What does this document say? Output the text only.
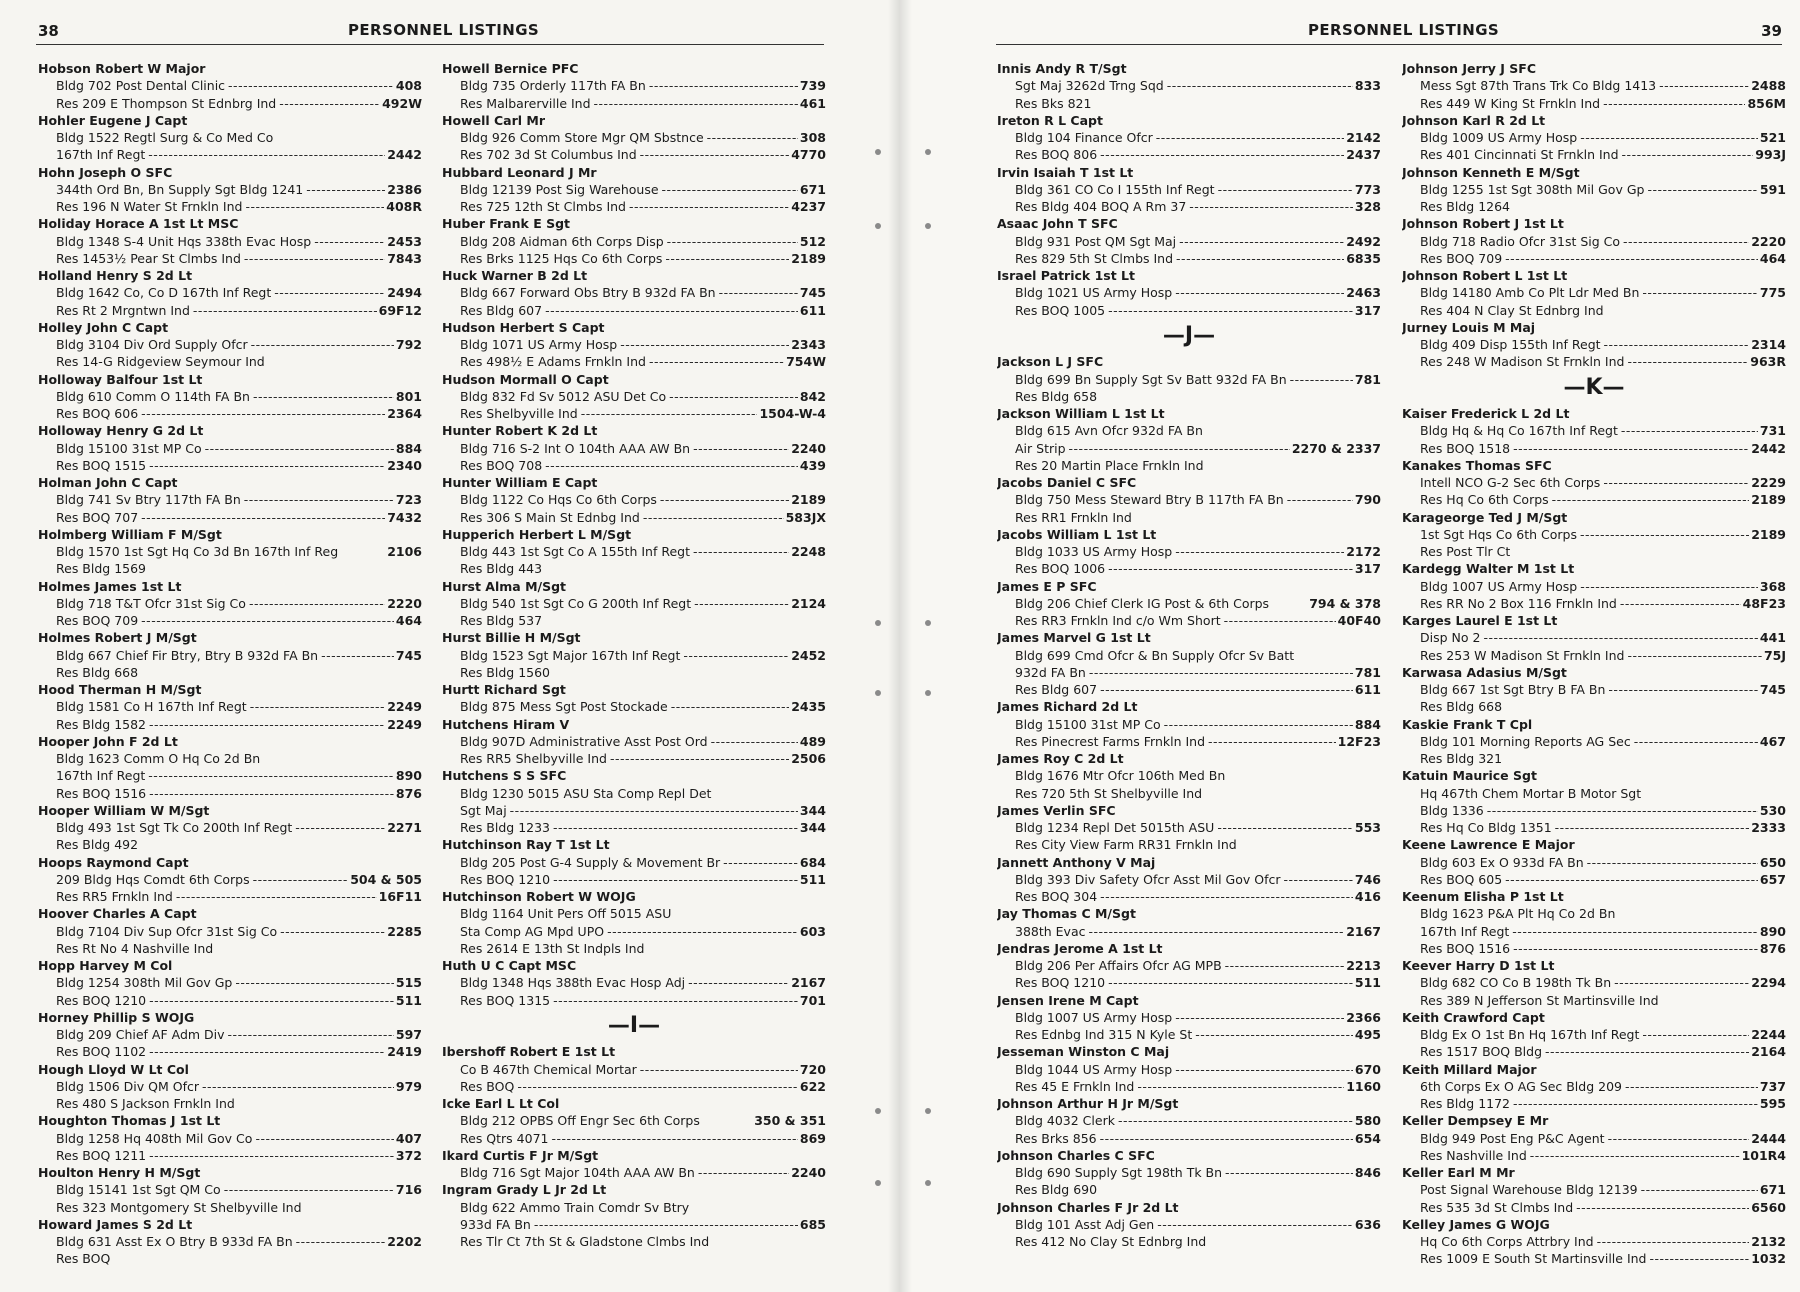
38	PERSONNEL LISTINGS
Hobson Robert W Major
Bldg 702 Post Dental Clinic -----	408
Res 209 E Thompson St Ednbrg Ind -----	492W
Hohler Eugene J Capt
Bldg 1522 Regtl Surg & Co Med Co
167th Inf Regt -----	2442
Hohn Joseph O SFC
344th Ord Bn, Bn Supply Sgt Bldg 1241 -----	2386
Res 196 N Water St Frnkln Ind -----	408R
Holiday Horace A 1st Lt MSC
Bldg 1348 S-4 Unit Hqs 338th Evac Hosp -----	2453
Res 1453½ Pear St Clmbs Ind -----	7843
Holland Henry S 2d Lt
Bldg 1642 Co, Co D 167th Inf Regt -----	2494
Res Rt 2 Mrgntwn Ind -----	69F12
Holley John C Capt
Bldg 3104 Div Ord Supply Ofcr -----	792
Res 14-G Ridgeview Seymour Ind
Holloway Balfour 1st Lt
Bldg 610 Comm O 114th FA Bn -----	801
Res BOQ 606 -----	2364
Holloway Henry G 2d Lt
Bldg 15100 31st MP Co -----	884
Res BOQ 1515 -----	2340
Holman John C Capt
Bldg 741 Sv Btry 117th FA Bn -----	723
Res BOQ 707 -----	7432
Holmberg William F M/Sgt
Bldg 1570 1st Sgt Hq Co 3d Bn 167th Inf Reg	2106
Res Bldg 1569
Holmes James 1st Lt
Bldg 718 T&T Ofcr 31st Sig Co -----	2220
Res BOQ 709 -----	464
Holmes Robert J M/Sgt
Bldg 667 Chief Fir Btry, Btry B 932d FA Bn -----	745
Res Bldg 668
Hood Therman H M/Sgt
Bldg 1581 Co H 167th Inf Regt -----	2249
Res Bldg 1582 -----	2249
Hooper John F 2d Lt
Bldg 1623 Comm O Hq Co 2d Bn
167th Inf Regt -----	890
Res BOQ 1516 -----	876
Hooper William W M/Sgt
Bldg 493 1st Sgt Tk Co 200th Inf Regt -----	2271
Res Bldg 492
Hoops Raymond Capt
209 Bldg Hqs Comdt 6th Corps -----	504 & 505
Res RR5 Frnkln Ind -----	16F11
Hoover Charles A Capt
Bldg 7104 Div Sup Ofcr 31st Sig Co -----	2285
Res Rt No 4 Nashville Ind
Hopp Harvey M Col
Bldg 1254 308th Mil Gov Gp -----	515
Res BOQ 1210 -----	511
Horney Phillip S WOJG
Bldg 209 Chief AF Adm Div -----	597
Res BOQ 1102 -----	2419
Hough Lloyd W Lt Col
Bldg 1506 Div QM Ofcr -----	979
Res 480 S Jackson Frnkln Ind
Houghton Thomas J 1st Lt
Bldg 1258 Hq 408th Mil Gov Co -----	407
Res BOQ 1211 -----	372
Houlton Henry H M/Sgt
Bldg 15141 1st Sgt QM Co -----	716
Res 323 Montgomery St Shelbyville Ind
Howard James S 2d Lt
Bldg 631 Asst Ex O Btry B 933d FA Bn -----	2202
Res BOQ
Howell Bernice PFC
Bldg 735 Orderly 117th FA Bn -----	739
Res Malbarerville Ind -----	461
Howell Carl Mr
Bldg 926 Comm Store Mgr QM Sbstnce -----	308
Res 702 3d St Columbus Ind -----	4770
Hubbard Leonard J Mr
Bldg 12139 Post Sig Warehouse -----	671
Res 725 12th St Clmbs Ind -----	4237
Huber Frank E Sgt
Bldg 208 Aidman 6th Corps Disp -----	512
Res Brks 1125 Hqs Co 6th Corps -----	2189
Huck Warner B 2d Lt
Bldg 667 Forward Obs Btry B 932d FA Bn -----	745
Res Bldg 607 -----	611
Hudson Herbert S Capt
Bldg 1071 US Army Hosp -----	2343
Res 498½ E Adams Frnkln Ind -----	754W
Hudson Mormall O Capt
Bldg 832 Fd Sv 5012 ASU Det Co -----	842
Res Shelbyville Ind -----	1504-W-4
Hunter Robert K 2d Lt
Bldg 716 S-2 Int O 104th AAA AW Bn -----	2240
Res BOQ 708 -----	439
Hunter William E Capt
Bldg 1122 Co Hqs Co 6th Corps -----	2189
Res 306 S Main St Ednbg Ind -----	583JX
Hupperich Herbert L M/Sgt
Bldg 443 1st Sgt Co A 155th Inf Regt -----	2248
Res Bldg 443
Hurst Alma M/Sgt
Bldg 540 1st Sgt Co G 200th Inf Regt -----	2124
Res Bldg 537
Hurst Billie H M/Sgt
Bldg 1523 Sgt Major 167th Inf Regt -----	2452
Res Bldg 1560
Hurtt Richard Sgt
Bldg 875 Mess Sgt Post Stockade -----	2435
Hutchens Hiram V
Bldg 907D Administrative Asst Post Ord -----	489
Res RR5 Shelbyville Ind -----	2506
Hutchens S S SFC
Bldg 1230 5015 ASU Sta Comp Repl Det
Sgt Maj -----	344
Res Bldg 1233 -----	344
Hutchinson Ray T 1st Lt
Bldg 205 Post G-4 Supply & Movement Br -----	684
Res BOQ 1210 -----	511
Hutchinson Robert W WOJG
Bldg 1164 Unit Pers Off 5015 ASU
Sta Comp AG Mpd UPO -----	603
Res 2614 E 13th St Indpls Ind
Huth U C Capt MSC
Bldg 1348 Hqs 388th Evac Hosp Adj -----	2167
Res BOQ 1315 -----	701
—I—
Ibershoff Robert E 1st Lt
Co B 467th Chemical Mortar -----	720
Res BOQ -----	622
Icke Earl L Lt Col
Bldg 212 OPBS Off Engr Sec 6th Corps	350 & 351
Res Qtrs 4071 -----	869
Ikard Curtis F Jr M/Sgt
Bldg 716 Sgt Major 104th AAA AW Bn -----	2240
Ingram Grady L Jr 2d Lt
Bldg 622 Ammo Train Comdr Sv Btry
933d FA Bn -----	685
Res Tlr Ct 7th St & Gladstone Clmbs Ind
39
PERSONNEL LISTINGS
Innis Andy R T/Sgt
Sgt Maj 3262d Trng Sqd -----	833
Res Bks 821
Ireton R L Capt
Bldg 104 Finance Ofcr -----	2142
Res BOQ 806 -----	2437
Irvin Isaiah T 1st Lt
Bldg 361 CO Co I 155th Inf Regt -----	773
Res Bldg 404 BOQ A Rm 37 -----	328
Asaac John T SFC
Bldg 931 Post QM Sgt Maj -----	2492
Res 829 5th St Clmbs Ind -----	6835
Israel Patrick 1st Lt
Bldg 1021 US Army Hosp -----	2463
Res BOQ 1005 -----	317
—J—
Jackson L J SFC
Bldg 699 Bn Supply Sgt Sv Batt 932d FA Bn -----	781
Res Bldg 658
Jackson William L 1st Lt
Bldg 615 Avn Ofcr 932d FA Bn
Air Strip -----	2270 & 2337
Res 20 Martin Place Frnkln Ind
Jacobs Daniel C SFC
Bldg 750 Mess Steward Btry B 117th FA Bn -----	790
Res RR1 Frnkln Ind
Jacobs William L 1st Lt
Bldg 1033 US Army Hosp -----	2172
Res BOQ 1006 -----	317
James E P SFC
Bldg 206 Chief Clerk IG Post & 6th Corps	794 & 378
Res RR3 Frnkln Ind c/o Wm Short -----	40F40
James Marvel G 1st Lt
Bldg 699 Cmd Ofcr & Bn Supply Ofcr Sv Batt
932d FA Bn -----	781
Res Bldg 607 -----	611
James Richard 2d Lt
Bldg 15100 31st MP Co -----	884
Res Pinecrest Farms Frnkln Ind -----	12F23
James Roy C 2d Lt
Bldg 1676 Mtr Ofcr 106th Med Bn
Res 720 5th St Shelbyville Ind
James Verlin SFC
Bldg 1234 Repl Det 5015th ASU -----	553
Res City View Farm RR31 Frnkln Ind
Jannett Anthony V Maj
Bldg 393 Div Safety Ofcr Asst Mil Gov Ofcr -----	746
Res BOQ 304 -----	416
Jay Thomas C M/Sgt
388th Evac -----	2167
Jendras Jerome A 1st Lt
Bldg 206 Per Affairs Ofcr AG MPB -----	2213
Res BOQ 1210 -----	511
Jensen Irene M Capt
Bldg 1007 US Army Hosp -----	2366
Res Ednbg Ind 315 N Kyle St -----	495
Jesseman Winston C Maj
Bldg 1044 US Army Hosp -----	670
Res 45 E Frnkln Ind -----	1160
Johnson Arthur H Jr M/Sgt
Bldg 4032 Clerk -----	580
Res Brks 856 -----	654
Johnson Charles C SFC
Bldg 690 Supply Sgt 198th Tk Bn -----	846
Res Bldg 690
Johnson Charles F Jr 2d Lt
Bldg 101 Asst Adj Gen -----	636
Res 412 No Clay St Ednbrg Ind
Johnson Jerry J SFC
Mess Sgt 87th Trans Trk Co Bldg 1413 -----	2488
Res 449 W King St Frnkln Ind -----	856M
Johnson Karl R 2d Lt
Bldg 1009 US Army Hosp -----	521
Res 401 Cincinnati St Frnkln Ind -----	993J
Johnson Kenneth E M/Sgt
Bldg 1255 1st Sgt 308th Mil Gov Gp -----	591
Res Bldg 1264
Johnson Robert J 1st Lt
Bldg 718 Radio Ofcr 31st Sig Co -----	2220
Res BOQ 709 -----	464
Johnson Robert L 1st Lt
Bldg 14180 Amb Co Plt Ldr Med Bn -----	775
Res 404 N Clay St Ednbrg Ind
Jurney Louis M Maj
Bldg 409 Disp 155th Inf Regt -----	2314
Res 248 W Madison St Frnkln Ind -----	963R
—K—
Kaiser Frederick L 2d Lt
Bldg Hq & Hq Co 167th Inf Regt -----	731
Res BOQ 1518 -----	2442
Kanakes Thomas SFC
Intell NCO G-2 Sec 6th Corps -----	2229
Res Hq Co 6th Corps -----	2189
Karageorge Ted J M/Sgt
1st Sgt Hqs Co 6th Corps -----	2189
Res Post Tlr Ct
Kardegg Walter M 1st Lt
Bldg 1007 US Army Hosp -----	368
Res RR No 2 Box 116 Frnkln Ind -----	48F23
Karges Laurel E 1st Lt
Disp No 2 -----	441
Res 253 W Madison St Frnkln Ind -----	75J
Karwasa Adasius M/Sgt
Bldg 667 1st Sgt Btry B FA Bn -----	745
Res Bldg 668
Kaskie Frank T Cpl
Bldg 101 Morning Reports AG Sec -----	467
Res Bldg 321
Katuin Maurice Sgt
Hq 467th Chem Mortar B Motor Sgt
Bldg 1336 -----	530
Res Hq Co Bldg 1351 -----	2333
Keene Lawrence E Major
Bldg 603 Ex O 933d FA Bn -----	650
Res BOQ 605 -----	657
Keenum Elisha P 1st Lt
Bldg 1623 P&A Plt Hq Co 2d Bn
167th Inf Regt -----	890
Res BOQ 1516 -----	876
Keever Harry D 1st Lt
Bldg 682 CO Co B 198th Tk Bn -----	2294
Res 389 N Jefferson St Martinsville Ind
Keith Crawford Capt
Bldg Ex O 1st Bn Hq 167th Inf Regt -----	2244
Res 1517 BOQ Bldg -----	2164
Keith Millard Major
6th Corps Ex O AG Sec Bldg 209 -----	737
Res Bldg 1172 -----	595
Keller Dempsey E Mr
Bldg 949 Post Eng P&C Agent -----	2444
Res Nashville Ind -----	101R4
Keller Earl M Mr
Post Signal Warehouse Bldg 12139 -----	671
Res 535 3d St Clmbs Ind -----	6560
Kelley James G WOJG
Hq Co 6th Corps Attrbry Ind -----	2132
Res 1009 E South St Martinsville Ind -----	1032
